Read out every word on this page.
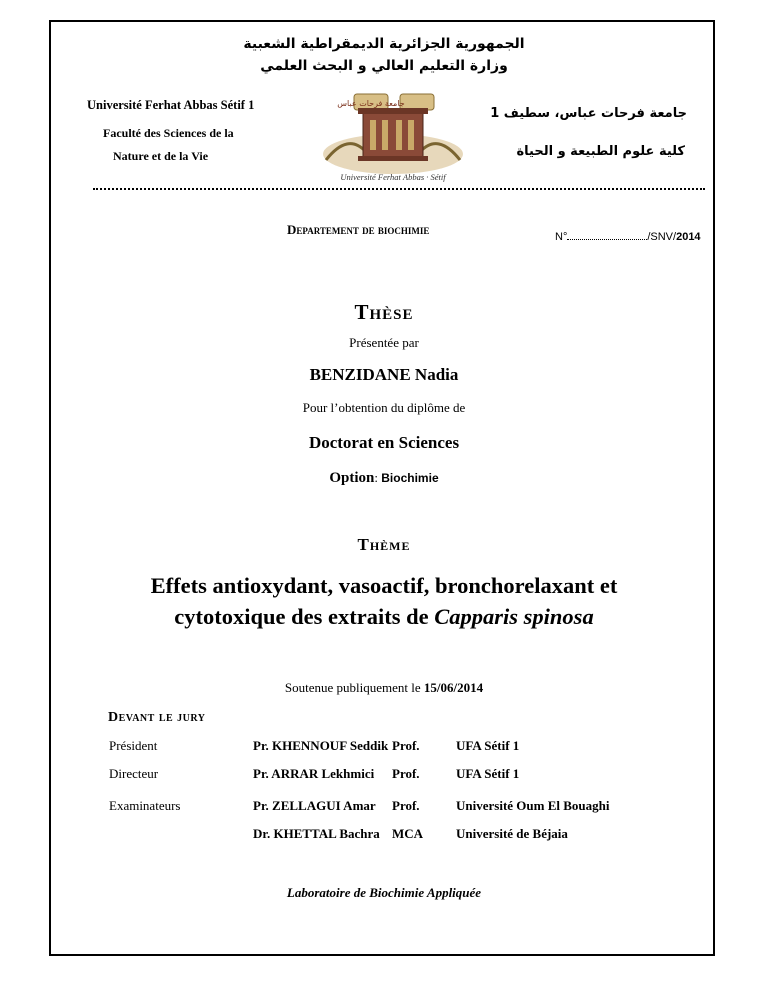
الجمهورية الجزائرية الديمقراطية الشعبية
وزارة التعليم العالي و البحث العلمي
Université Ferhat Abbas Sétif 1
Faculté des Sciences de la
Nature et de la Vie
جامعة فرحات عباس، سطيف 1
كلية علوم الطبيعة و الحياة
جامعة فرحات عباس
Université Ferhat Abbas · Sétif
Departement de biochimie	N°	/SNV/2014
Thèse
Présentée par
BENZIDANE Nadia
Pour l’obtention du diplôme de
Doctorat en Sciences
Option: Biochimie
Thème
Effets antioxydant, vasoactif, bronchorelaxant et
cytotoxique des extraits de Capparis spinosa
Soutenue publiquement le 15/06/2014
Devant le jury
Président	Pr. KHENNOUF Seddik	Prof.	UFA Sétif 1
Directeur	Pr. ARRAR Lekhmici	Prof.	UFA Sétif 1
Examinateurs	Pr. ZELLAGUI Amar	Prof.	Université Oum El Bouaghi
	Dr. KHETTAL Bachra	MCA	Université de Béjaia
Laboratoire de Biochimie Appliquée
